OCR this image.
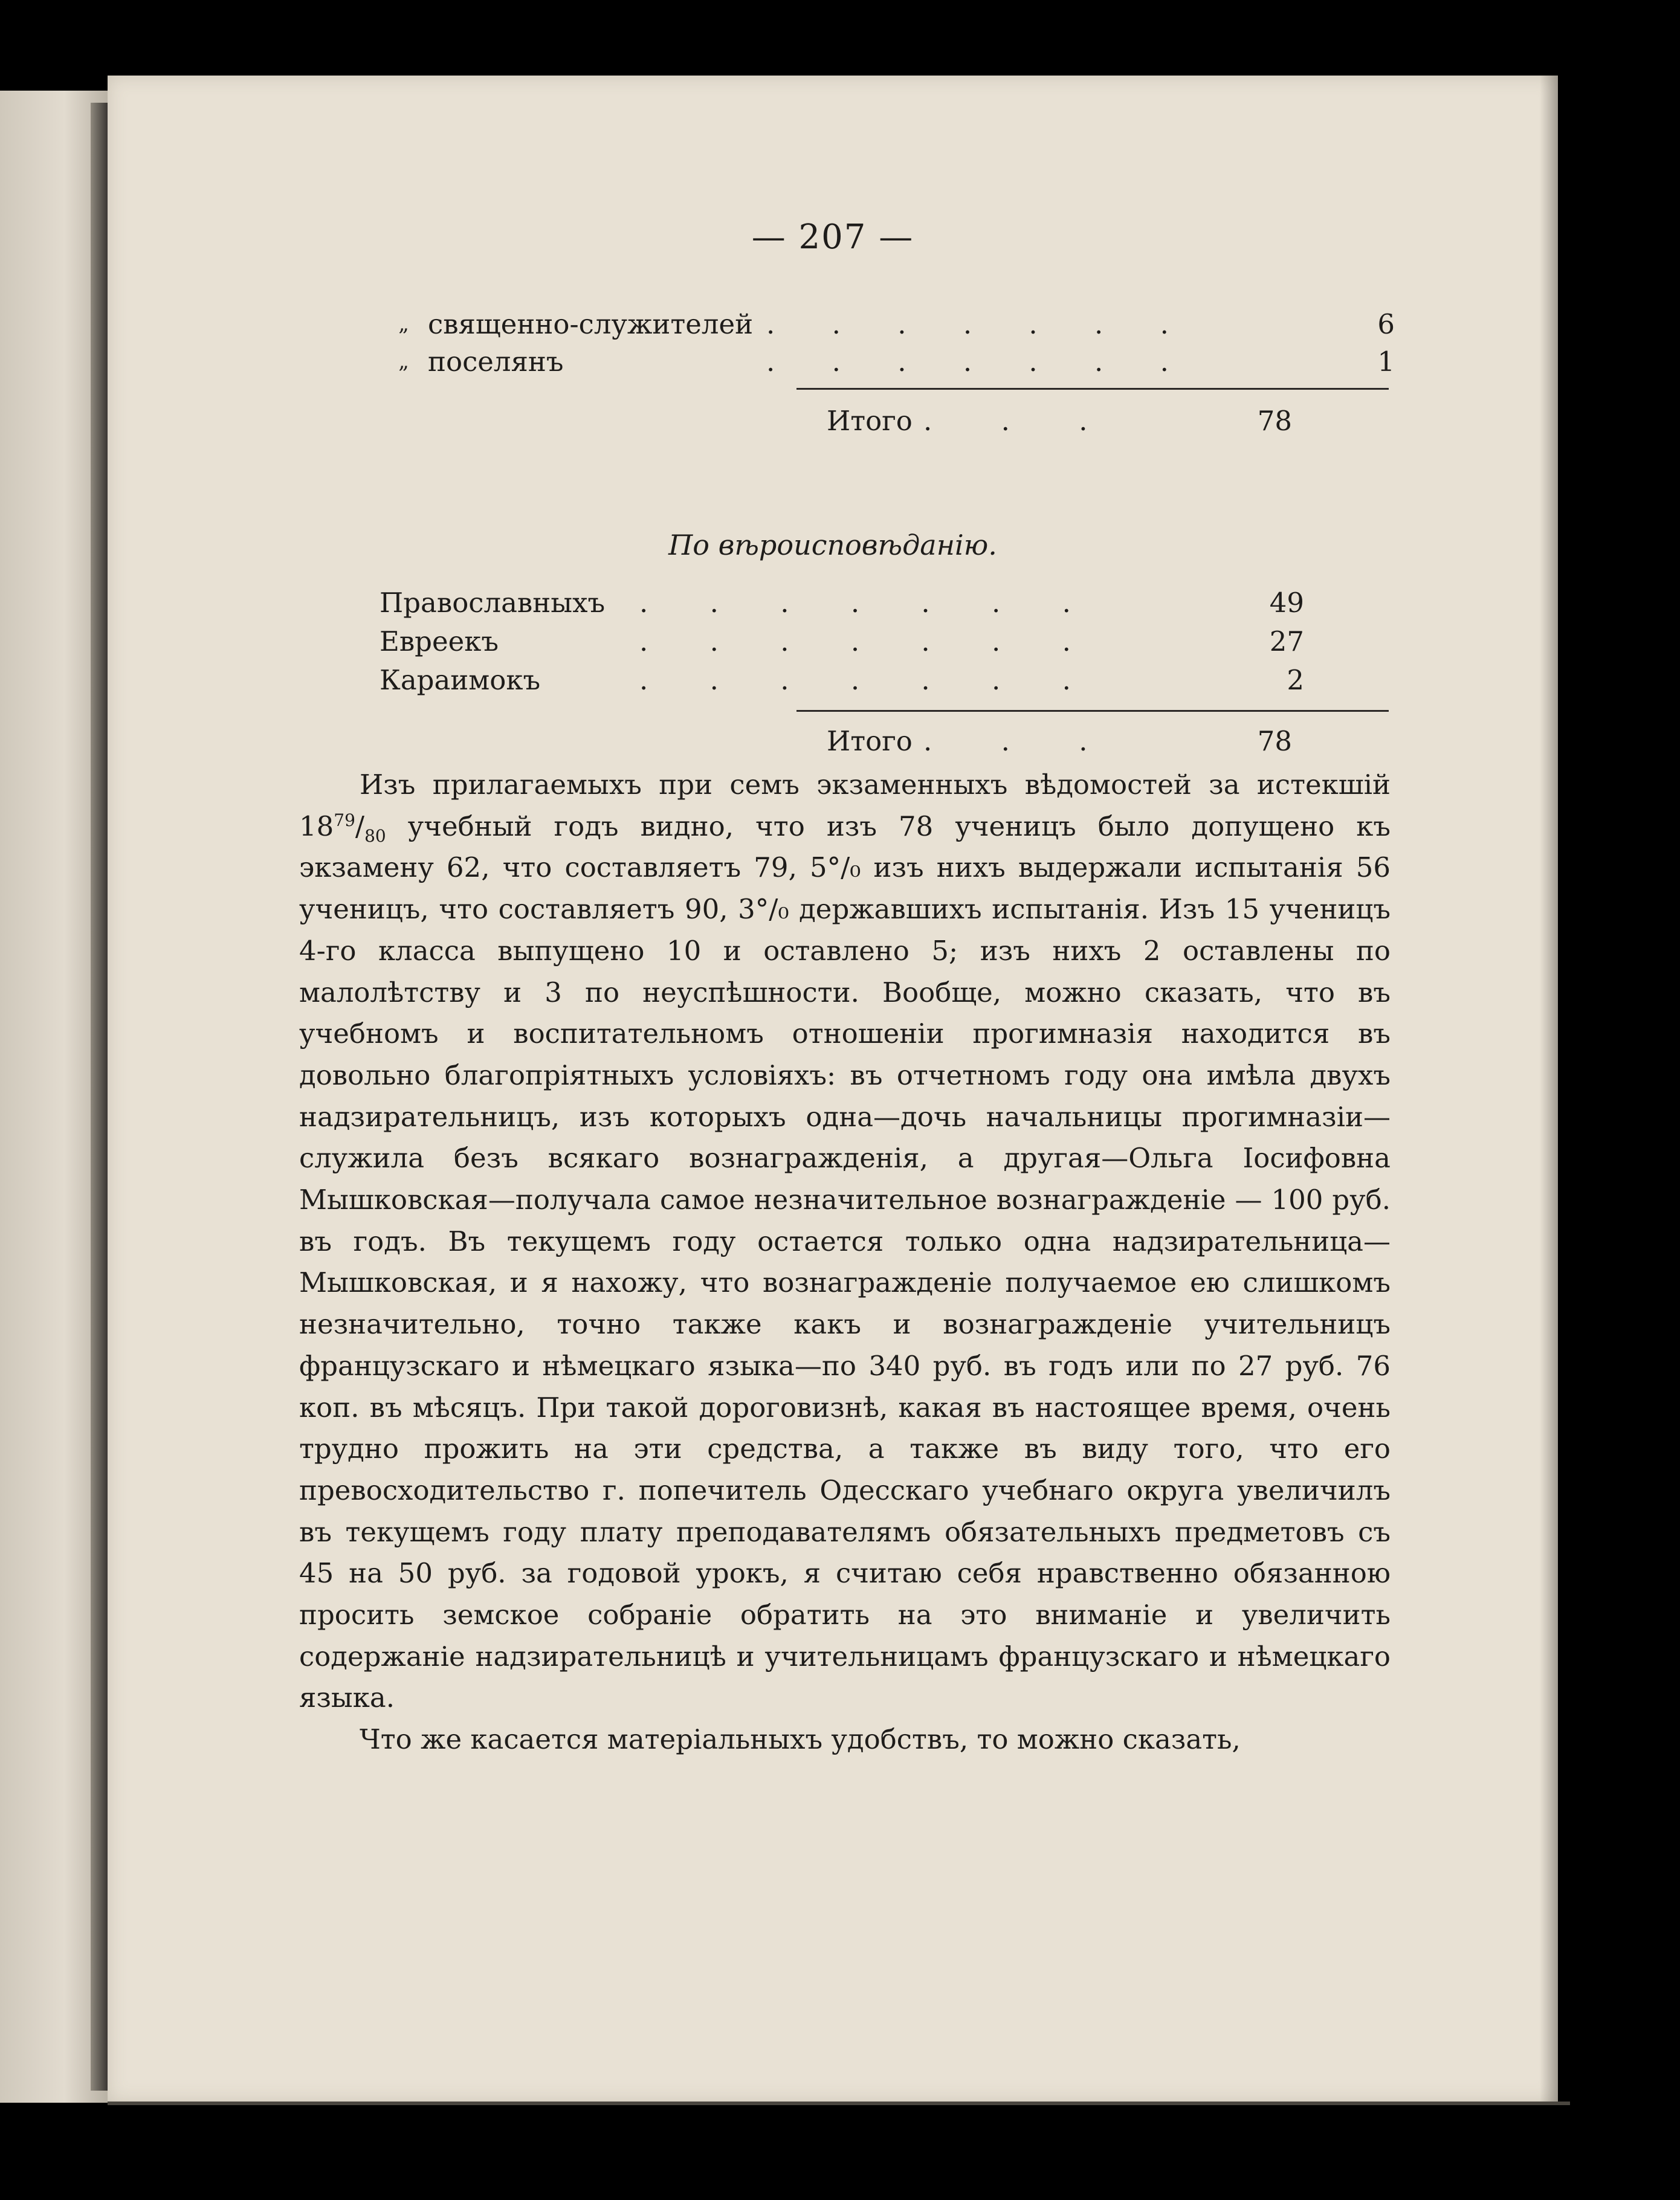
— 207 —
„ священно-служителей . . . . . . .	6
„ поселянъ	. . . . . . .	1
Итого . . .	78
По вѣроисповѣданію.
Православныхъ	. . . . . . .	49
Евреекъ	. . . . . . .	27
Караимокъ	. . . . . . .	2
Итого . . .	78

Изъ прилагаемыхъ при семъ экзаменныхъ вѣдомостей за истекшій $18^{79}/_{80}$ учебный годъ видно, что изъ 78 ученицъ было допущено къ экзамену 62, что составляетъ 79, 5°/₀ изъ нихъ выдержали испытанія 56 ученицъ, что составляетъ 90, 3°/₀ державшихъ испытанія. Изъ 15 ученицъ 4-го класса выпущено 10 и оставлено 5; изъ нихъ 2 оставлены по малолѣтству и 3 по неуспѣшности. Вообще, можно сказать, что въ учебномъ и воспитательномъ отношеніи прогимназія находится въ довольно благопріятныхъ условіяхъ: въ отчетномъ году она имѣла двухъ надзирательницъ, изъ которыхъ одна—дочь начальницы прогимназіи—служила безъ всякаго вознагражденія, а другая—Ольга Іосифовна Мышковская—получала самое незначительное вознагражденіе — 100 руб. въ годъ. Въ текущемъ году остается только одна надзирательница—Мышковская, и я нахожу, что вознагражденіе получаемое ею слишкомъ незначительно, точно также какъ и вознагражденіе учительницъ французскаго и нѣмецкаго языка—по 340 руб. въ годъ или по 27 руб. 76 коп. въ мѣсяцъ. При такой дороговизнѣ, какая въ настоящее время, очень трудно прожить на эти средства, а также въ виду того, что его превосходительство г. попечитель Одесскаго учебнаго округа увеличилъ въ текущемъ году плату преподавателямъ обязательныхъ предметовъ съ 45 на 50 руб. за годовой урокъ, я считаю себя нравственно обязанною просить земское собраніе обратить на это вниманіе и увеличить содержаніе надзирательницѣ и учительницамъ французскаго и нѣмецкаго языка.

Что же касается матеріальныхъ удобствъ, то можно сказать,
